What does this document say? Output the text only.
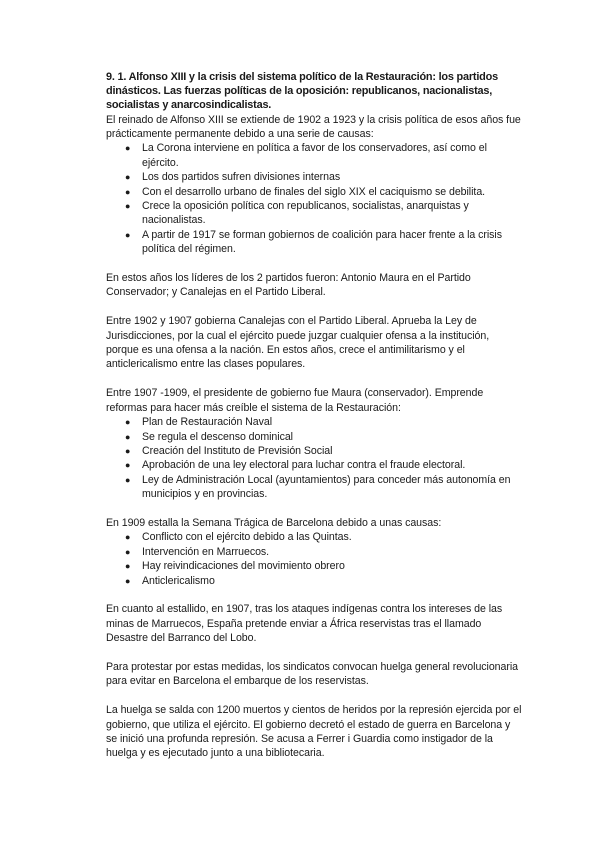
9. 1. Alfonso XIII y la crisis del sistema político de la Restauración: los partidos dinásticos. Las fuerzas políticas de la oposición: republicanos, nacionalistas, socialistas y anarcosindicalistas.

El reinado de Alfonso XIII se extiende de 1902 a 1923 y la crisis política de esos años fue prácticamente permanente debido a una serie de causas:

● La Corona interviene en política a favor de los conservadores, así como el ejército.
● Los dos partidos sufren divisiones internas
● Con el desarrollo urbano de finales del siglo XIX el caciquismo se debilita.
● Crece la oposición política con republicanos, socialistas, anarquistas y nacionalistas.
● A partir de 1917 se forman gobiernos de coalición para hacer frente a la crisis política del régimen.

En estos años los líderes de los 2 partidos fueron: Antonio Maura en el Partido Conservador; y Canalejas en el Partido Liberal.

Entre 1902 y 1907 gobierna Canalejas con el Partido Liberal. Aprueba la Ley de Jurisdicciones, por la cual el ejército puede juzgar cualquier ofensa a la institución, porque es una ofensa a la nación. En estos años, crece el antimilitarismo y el anticlericalismo entre las clases populares.

Entre 1907 -1909, el presidente de gobierno fue Maura (conservador). Emprende reformas para hacer más creíble el sistema de la Restauración:

● Plan de Restauración Naval
● Se regula el descenso dominical
● Creación del Instituto de Previsión Social
● Aprobación de una ley electoral para luchar contra el fraude electoral.
● Ley de Administración Local (ayuntamientos) para conceder más autonomía en municipios y en provincias.

En 1909 estalla la Semana Trágica de Barcelona debido a unas causas:

● Conflicto con el ejército debido a las Quintas.
● Intervención en Marruecos.
● Hay reivindicaciones del movimiento obrero
● Anticlericalismo

En cuanto al estallido, en 1907, tras los ataques indígenas contra los intereses de las minas de Marruecos, España pretende enviar a África reservistas tras el llamado Desastre del Barranco del Lobo.

Para protestar por estas medidas, los sindicatos convocan huelga general revolucionaria para evitar en Barcelona el embarque de los reservistas.

La huelga se salda con 1200 muertos y cientos de heridos por la represión ejercida por el gobierno, que utiliza el ejército. El gobierno decretó el estado de guerra en Barcelona y se inició una profunda represión. Se acusa a Ferrer i Guardia como instigador de la huelga y es ejecutado junto a una bibliotecaria.
